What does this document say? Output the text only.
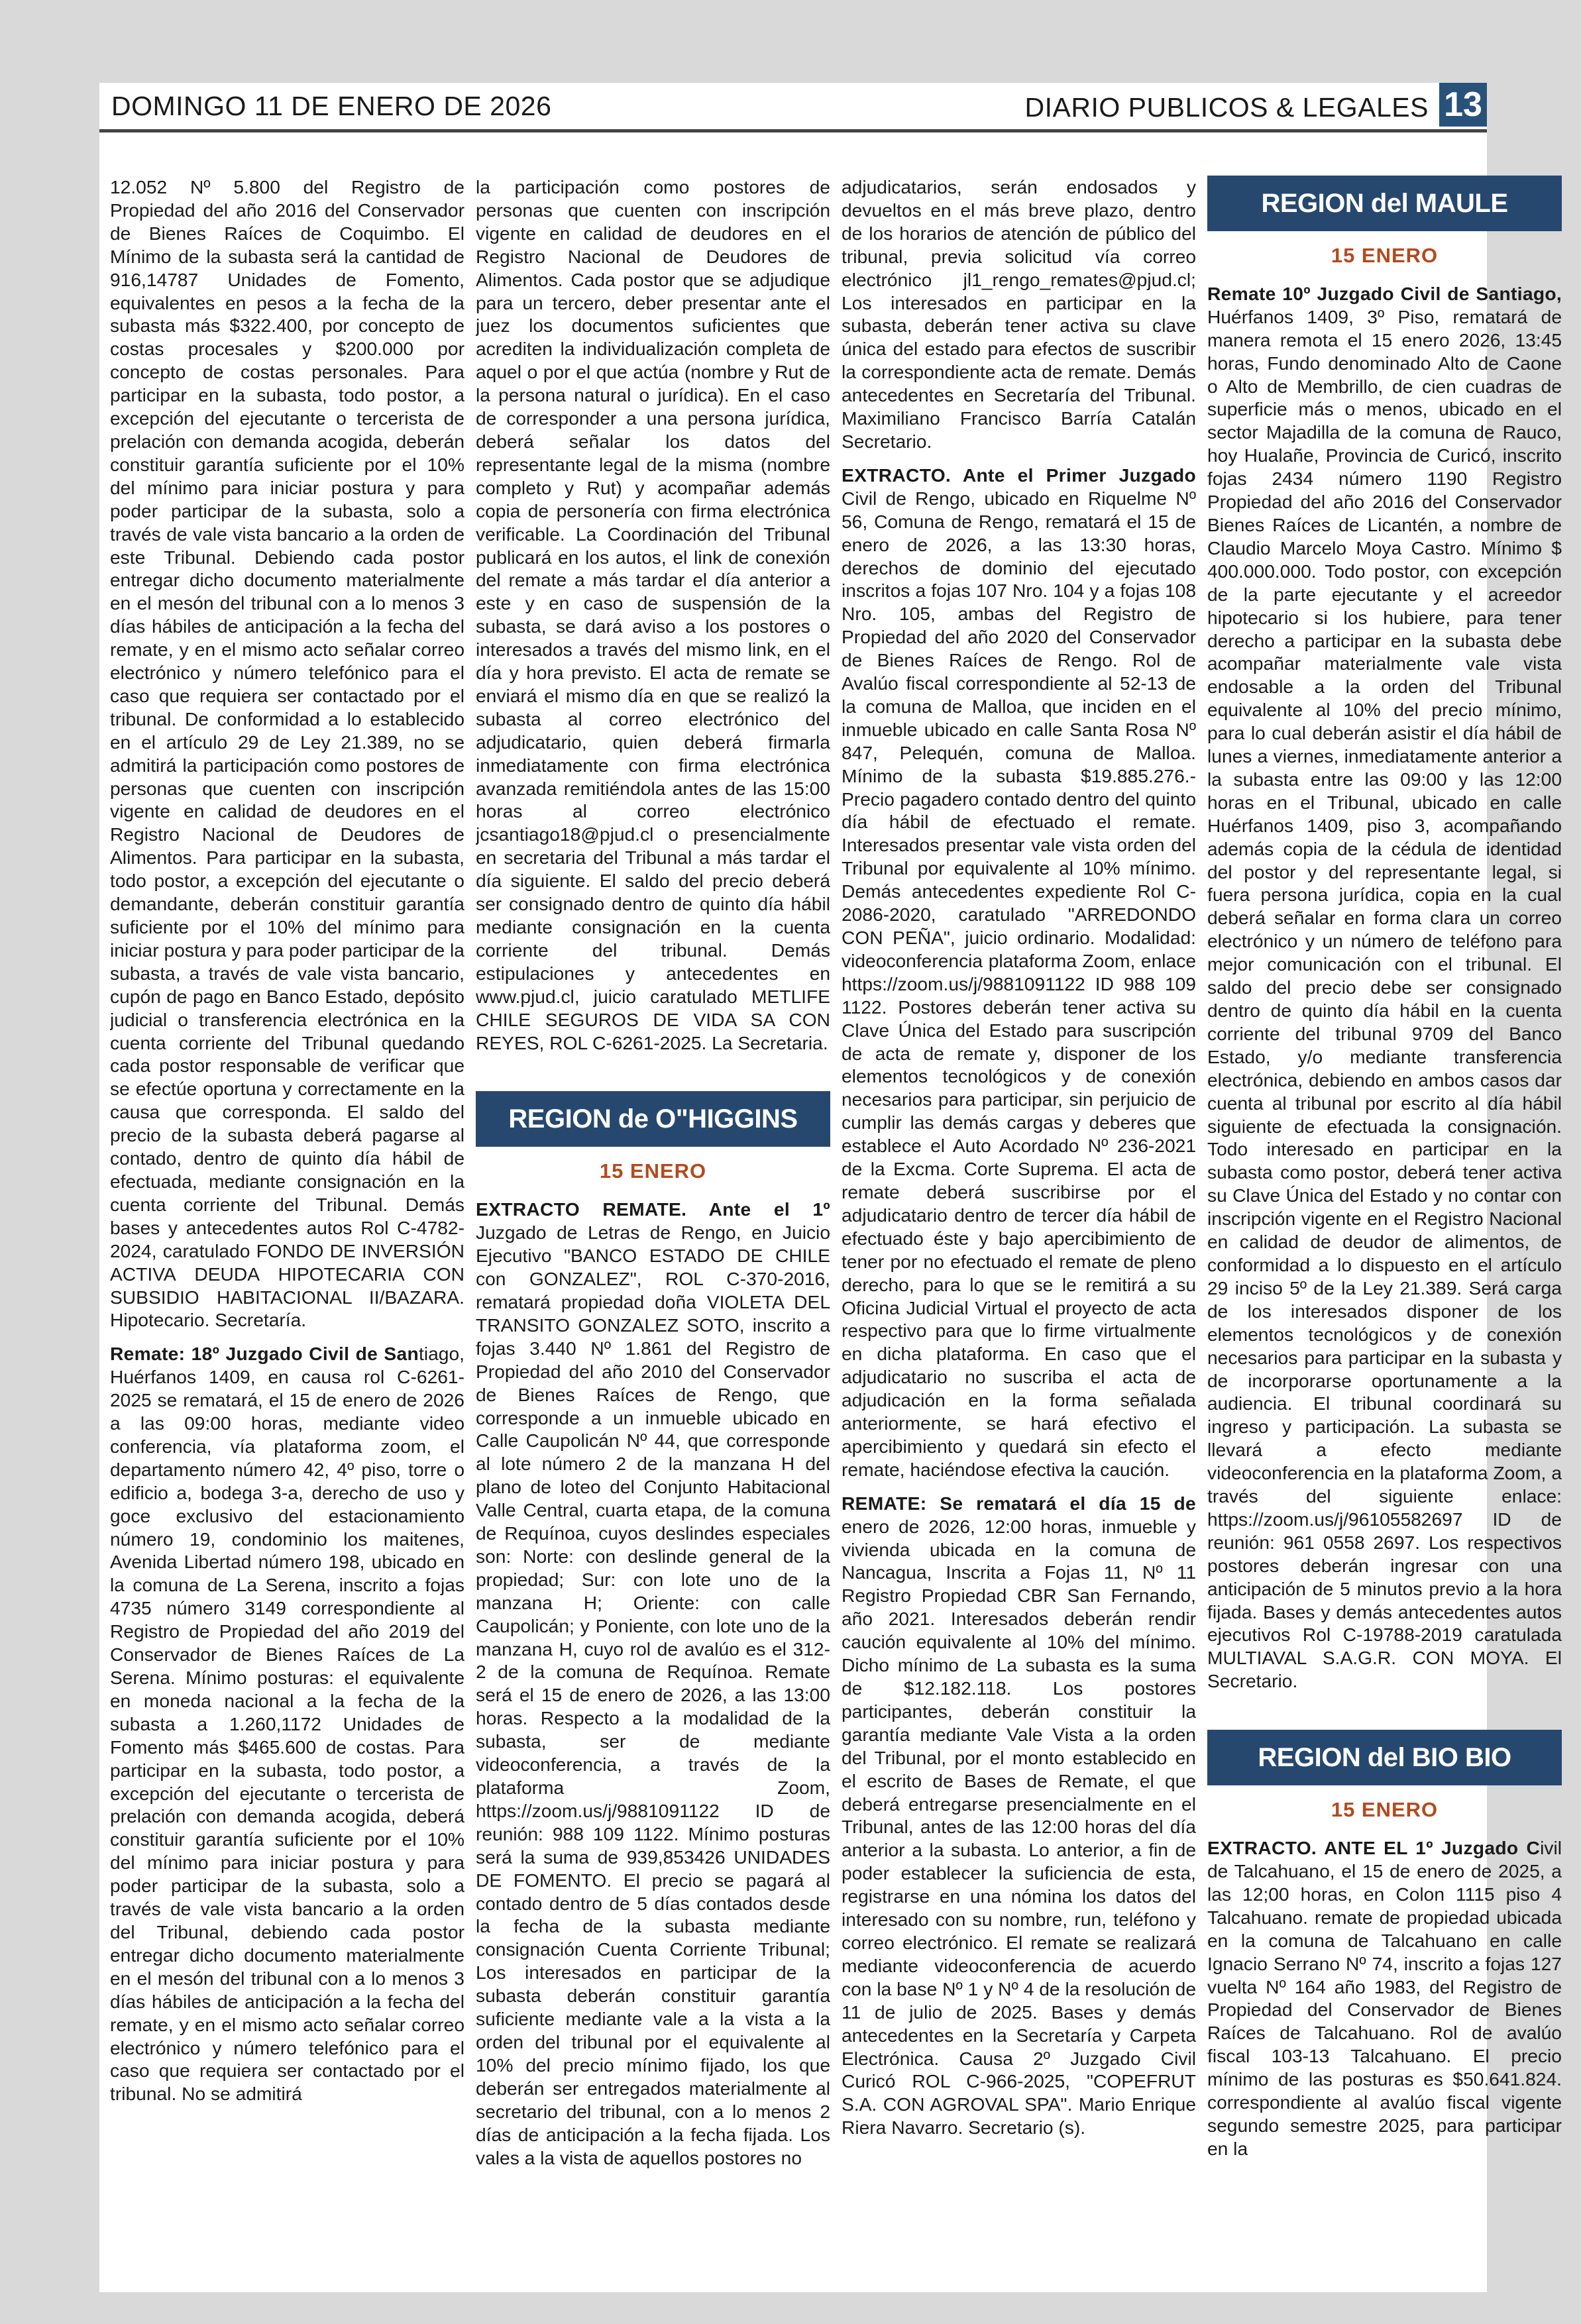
DOMINGO 11 DE ENERO DE 2026	DIARIO PUBLICOS & LEGALES 13

12.052 Nº 5.800 del Registro de Propiedad del año 2016 del Conservador de Bienes Raíces de Coquimbo. El Mínimo de la subasta será la cantidad de 916,14787 Unidades de Fomento, equivalentes en pesos a la fecha de la subasta más $322.400, por concepto de costas procesales y $200.000 por concepto de costas personales. Para participar en la subasta, todo postor, a excepción del ejecutante o tercerista de prelación con demanda acogida, deberán constituir garantía suficiente por el 10% del mínimo para iniciar postura y para poder participar de la subasta, solo a través de vale vista bancario a la orden de este Tribunal. Debiendo cada postor entregar dicho documento materialmente en el mesón del tribunal con a lo menos 3 días hábiles de anticipación a la fecha del remate, y en el mismo acto señalar correo electrónico y número telefónico para el caso que requiera ser contactado por el tribunal. De conformidad a lo establecido en el artículo 29 de Ley 21.389, no se admitirá la participación como postores de personas que cuenten con inscripción vigente en calidad de deudores en el Registro Nacional de Deudores de Alimentos. Para participar en la subasta, todo postor, a excepción del ejecutante o demandante, deberán constituir garantía suficiente por el 10% del mínimo para iniciar postura y para poder participar de la subasta, a través de vale vista bancario, cupón de pago en Banco Estado, depósito judicial o transferencia electrónica en la cuenta corriente del Tribunal quedando cada postor responsable de verificar que se efectúe oportuna y correctamente en la causa que corresponda. El saldo del precio de la subasta deberá pagarse al contado, dentro de quinto día hábil de efectuada, mediante consignación en la cuenta corriente del Tribunal. Demás bases y antecedentes autos Rol C-4782-2024, caratulado FONDO DE INVERSIÓN ACTIVA DEUDA HIPOTECARIA CON SUBSIDIO HABITACIONAL II/BAZARA. Hipotecario. Secretaría.

Remate: 18º Juzgado Civil de Santiago, Huérfanos 1409, en causa rol C-6261-2025 se rematará, el 15 de enero de 2026 a las 09:00 horas, mediante video conferencia, vía plataforma zoom, el departamento número 42, 4º piso, torre o edificio a, bodega 3-a, derecho de uso y goce exclusivo del estacionamiento número 19, condominio los maitenes, Avenida Libertad número 198, ubicado en la comuna de La Serena, inscrito a fojas 4735 número 3149 correspondiente al Registro de Propiedad del año 2019 del Conservador de Bienes Raíces de La Serena. Mínimo posturas: el equivalente en moneda nacional a la fecha de la subasta a 1.260,1172 Unidades de Fomento más $465.600 de costas. Para participar en la subasta, todo postor, a excepción del ejecutante o tercerista de prelación con demanda acogida, deberá constituir garantía suficiente por el 10% del mínimo para iniciar postura y para poder participar de la subasta, solo a través de vale vista bancario a la orden del Tribunal, debiendo cada postor entregar dicho documento materialmente en el mesón del tribunal con a lo menos 3 días hábiles de anticipación a la fecha del remate, y en el mismo acto señalar correo electrónico y número telefónico para el caso que requiera ser contactado por el tribunal. No se admitirá

la participación como postores de personas que cuenten con inscripción vigente en calidad de deudores en el Registro Nacional de Deudores de Alimentos. Cada postor que se adjudique para un tercero, deber presentar ante el juez los documentos suficientes que acrediten la individualización completa de aquel o por el que actúa (nombre y Rut de la persona natural o jurídica). En el caso de corresponder a una persona jurídica, deberá señalar los datos del representante legal de la misma (nombre completo y Rut) y acompañar además copia de personería con firma electrónica verificable. La Coordinación del Tribunal publicará en los autos, el link de conexión del remate a más tardar el día anterior a este y en caso de suspensión de la subasta, se dará aviso a los postores o interesados a través del mismo link, en el día y hora previsto. El acta de remate se enviará el mismo día en que se realizó la subasta al correo electrónico del adjudicatario, quien deberá firmarla inmediatamente con firma electrónica avanzada remitiéndola antes de las 15:00 horas al correo electrónico jcsantiago18@pjud.cl o presencialmente en secretaria del Tribunal a más tardar el día siguiente. El saldo del precio deberá ser consignado dentro de quinto día hábil mediante consignación en la cuenta corriente del tribunal. Demás estipulaciones y antecedentes en www.pjud.cl, juicio caratulado METLIFE CHILE SEGUROS DE VIDA SA CON REYES, ROL C-6261-2025. La Secretaria.

REGION de O"HIGGINS
15 ENERO

EXTRACTO REMATE. Ante el 1º Juzgado de Letras de Rengo, en Juicio Ejecutivo "BANCO ESTADO DE CHILE con GONZALEZ", ROL C-370-2016, rematará propiedad doña VIOLETA DEL TRANSITO GONZALEZ SOTO, inscrito a fojas 3.440 Nº 1.861 del Registro de Propiedad del año 2010 del Conservador de Bienes Raíces de Rengo, que corresponde a un inmueble ubicado en Calle Caupolicán Nº 44, que corresponde al lote número 2 de la manzana H del plano de loteo del Conjunto Habitacional Valle Central, cuarta etapa, de la comuna de Requínoa, cuyos deslindes especiales son: Norte: con deslinde general de la propiedad; Sur: con lote uno de la manzana H; Oriente: con calle Caupolicán; y Poniente, con lote uno de la manzana H, cuyo rol de avalúo es el 312-2 de la comuna de Requínoa. Remate será el 15 de enero de 2026, a las 13:00 horas. Respecto a la modalidad de la subasta, ser de mediante videoconferencia, a través de la plataforma Zoom, https://zoom.us/j/9881091122 ID de reunión: 988 109 1122. Mínimo posturas será la suma de 939,853426 UNIDADES DE FOMENTO. El precio se pagará al contado dentro de 5 días contados desde la fecha de la subasta mediante consignación Cuenta Corriente Tribunal; Los interesados en participar de la subasta deberán constituir garantía suficiente mediante vale a la vista a la orden del tribunal por el equivalente al 10% del precio mínimo fijado, los que deberán ser entregados materialmente al secretario del tribunal, con a lo menos 2 días de anticipación a la fecha fijada. Los vales a la vista de aquellos postores no

adjudicatarios, serán endosados y devueltos en el más breve plazo, dentro de los horarios de atención de público del tribunal, previa solicitud vía correo electrónico jl1_rengo_remates@pjud.cl; Los interesados en participar en la subasta, deberán tener activa su clave única del estado para efectos de suscribir la correspondiente acta de remate. Demás antecedentes en Secretaría del Tribunal. Maximiliano Francisco Barría Catalán Secretario.

EXTRACTO. Ante el Primer Juzgado Civil de Rengo, ubicado en Riquelme Nº 56, Comuna de Rengo, rematará el 15 de enero de 2026, a las 13:30 horas, derechos de dominio del ejecutado inscritos a fojas 107 Nro. 104 y a fojas 108 Nro. 105, ambas del Registro de Propiedad del año 2020 del Conservador de Bienes Raíces de Rengo. Rol de Avalúo fiscal correspondiente al 52-13 de la comuna de Malloa, que inciden en el inmueble ubicado en calle Santa Rosa Nº 847, Pelequén, comuna de Malloa. Mínimo de la subasta $19.885.276.- Precio pagadero contado dentro del quinto día hábil de efectuado el remate. Interesados presentar vale vista orden del Tribunal por equivalente al 10% mínimo. Demás antecedentes expediente Rol C-2086-2020, caratulado "ARREDONDO CON PEÑA", juicio ordinario. Modalidad: videoconferencia plataforma Zoom, enlace https://zoom.us/j/9881091122 ID 988 109 1122. Postores deberán tener activa su Clave Única del Estado para suscripción de acta de remate y, disponer de los elementos tecnológicos y de conexión necesarios para participar, sin perjuicio de cumplir las demás cargas y deberes que establece el Auto Acordado Nº 236-2021 de la Excma. Corte Suprema. El acta de remate deberá suscribirse por el adjudicatario dentro de tercer día hábil de efectuado éste y bajo apercibimiento de tener por no efectuado el remate de pleno derecho, para lo que se le remitirá a su Oficina Judicial Virtual el proyecto de acta respectivo para que lo firme virtualmente en dicha plataforma. En caso que el adjudicatario no suscriba el acta de adjudicación en la forma señalada anteriormente, se hará efectivo el apercibimiento y quedará sin efecto el remate, haciéndose efectiva la caución.

REMATE: Se rematará el día 15 de enero de 2026, 12:00 horas, inmueble y vivienda ubicada en la comuna de Nancagua, Inscrita a Fojas 11, Nº 11 Registro Propiedad CBR San Fernando, año 2021. Interesados deberán rendir caución equivalente al 10% del mínimo. Dicho mínimo de La subasta es la suma de $12.182.118. Los postores participantes, deberán constituir la garantía mediante Vale Vista a la orden del Tribunal, por el monto establecido en el escrito de Bases de Remate, el que deberá entregarse presencialmente en el Tribunal, antes de las 12:00 horas del día anterior a la subasta. Lo anterior, a fin de poder establecer la suficiencia de esta, registrarse en una nómina los datos del interesado con su nombre, run, teléfono y correo electrónico. El remate se realizará mediante videoconferencia de acuerdo con la base Nº 1 y Nº 4 de la resolución de 11 de julio de 2025. Bases y demás antecedentes en la Secretaría y Carpeta Electrónica. Causa 2º Juzgado Civil Curicó ROL C-966-2025, "COPEFRUT S.A. CON AGROVAL SPA". Mario Enrique Riera Navarro. Secretario (s).

REGION del MAULE
15 ENERO

Remate 10º Juzgado Civil de Santiago, Huérfanos 1409, 3º Piso, rematará de manera remota el 15 enero 2026, 13:45 horas, Fundo denominado Alto de Caone o Alto de Membrillo, de cien cuadras de superficie más o menos, ubicado en el sector Majadilla de la comuna de Rauco, hoy Hualañe, Provincia de Curicó, inscrito fojas 2434 número 1190 Registro Propiedad del año 2016 del Conservador Bienes Raíces de Licantén, a nombre de Claudio Marcelo Moya Castro. Mínimo $ 400.000.000. Todo postor, con excepción de la parte ejecutante y el acreedor hipotecario si los hubiere, para tener derecho a participar en la subasta debe acompañar materialmente vale vista endosable a la orden del Tribunal equivalente al 10% del precio mínimo, para lo cual deberán asistir el día hábil de lunes a viernes, inmediatamente anterior a la subasta entre las 09:00 y las 12:00 horas en el Tribunal, ubicado en calle Huérfanos 1409, piso 3, acompañando además copia de la cédula de identidad del postor y del representante legal, si fuera persona jurídica, copia en la cual deberá señalar en forma clara un correo electrónico y un número de teléfono para mejor comunicación con el tribunal. El saldo del precio debe ser consignado dentro de quinto día hábil en la cuenta corriente del tribunal 9709 del Banco Estado, y/o mediante transferencia electrónica, debiendo en ambos casos dar cuenta al tribunal por escrito al día hábil siguiente de efectuada la consignación. Todo interesado en participar en la subasta como postor, deberá tener activa su Clave Única del Estado y no contar con inscripción vigente en el Registro Nacional en calidad de deudor de alimentos, de conformidad a lo dispuesto en el artículo 29 inciso 5º de la Ley 21.389. Será carga de los interesados disponer de los elementos tecnológicos y de conexión necesarios para participar en la subasta y de incorporarse oportunamente a la audiencia. El tribunal coordinará su ingreso y participación. La subasta se llevará a efecto mediante videoconferencia en la plataforma Zoom, a través del siguiente enlace: https://zoom.us/j/96105582697 ID de reunión: 961 0558 2697. Los respectivos postores deberán ingresar con una anticipación de 5 minutos previo a la hora fijada. Bases y demás antecedentes autos ejecutivos Rol C-19788-2019 caratulada MULTIAVAL S.A.G.R. CON MOYA. El Secretario.

REGION del BIO BIO
15 ENERO

EXTRACTO. ANTE EL 1º Juzgado Civil de Talcahuano, el 15 de enero de 2025, a las 12;00 horas, en Colon 1115 piso 4 Talcahuano. remate de propiedad ubicada en la comuna de Talcahuano en calle Ignacio Serrano Nº 74, inscrito a fojas 127 vuelta Nº 164 año 1983, del Registro de Propiedad del Conservador de Bienes Raíces de Talcahuano. Rol de avalúo fiscal 103-13 Talcahuano. El precio mínimo de las posturas es $50.641.824. correspondiente al avalúo fiscal vigente segundo semestre 2025, para participar en la
